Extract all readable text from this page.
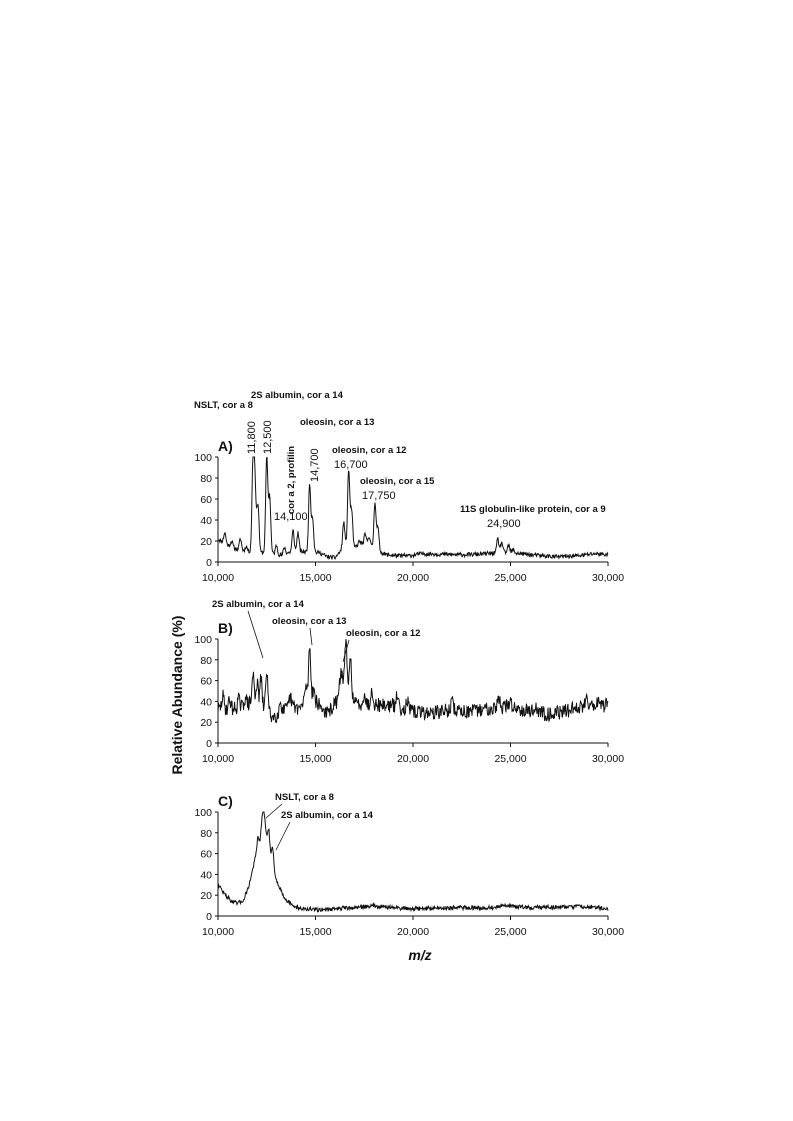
Relative Abundance (%)
m/z
A)
0
20
40
60
80
100
10,000	15,000	20,000	25,000	30,000
NSLT, cor a 8
11,800
2S albumin, cor a 14
12,500
cor a 2, profilin
14,100
oleosin, cor a 13
14,700 oleosin, cor a 12
16,700
oleosin, cor a 15
17,750
11S globulin-like protein, cor a 9
24,900
B)
0
20
40
60
80
100
10,000	15,000	20,000	25,000	30,000
2S albumin, cor a 14
oleosin, cor a 13
oleosin, cor a 12
C)
0
20
40
60
80
100
10,000	15,000	20,000	25,000	30,000
NSLT, cor a 8
2S albumin, cor a 14
